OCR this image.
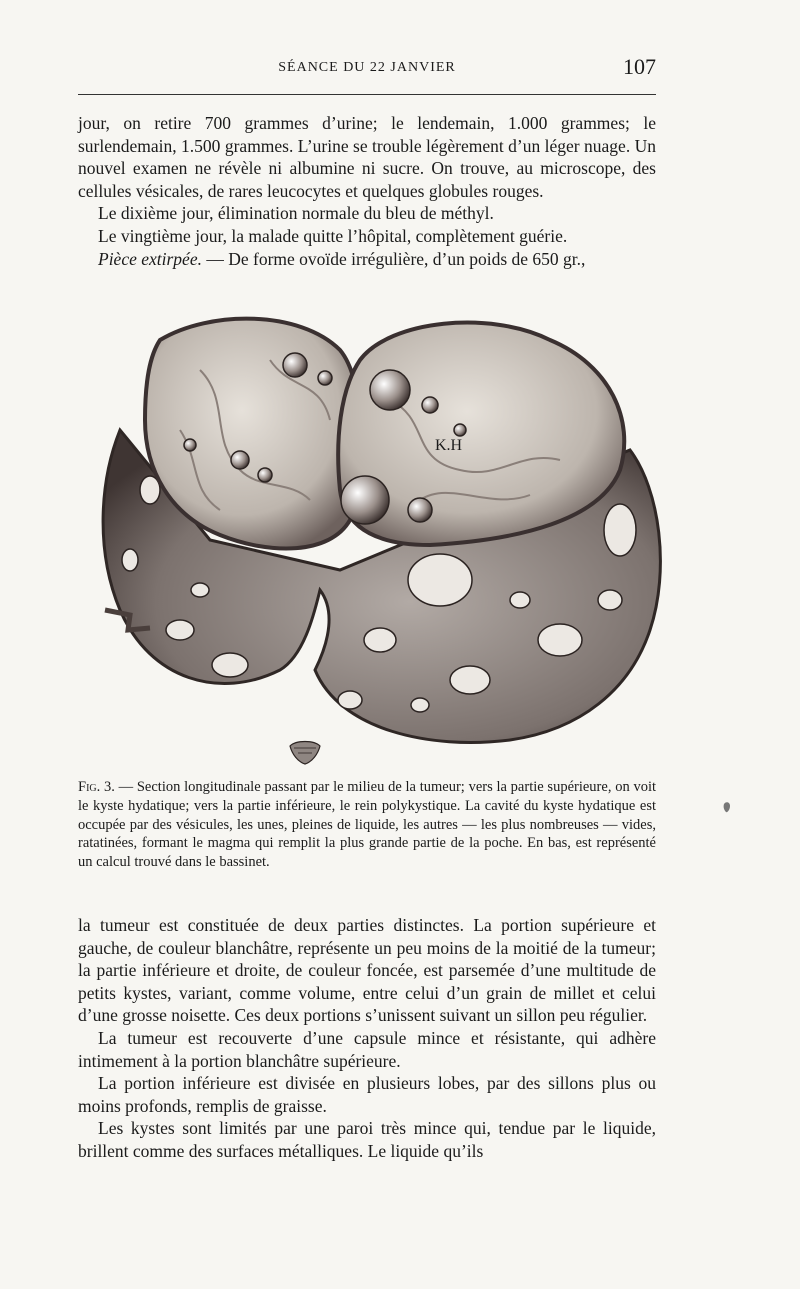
SÉANCE DU 22 JANVIER	107

jour, on retire 700 grammes d’urine; le lendemain, 1.000 grammes; le surlendemain, 1.500 grammes. L’urine se trouble légèrement d’un léger nuage. Un nouvel examen ne révèle ni albumine ni sucre. On trouve, au microscope, des cellules vésicales, de rares leucocytes et quelques globules rouges.

Le dixième jour, élimination normale du bleu de méthyl.

Le vingtième jour, la malade quitte l’hôpital, complètement guérie.

Pièce extirpée. — De forme ovoïde irrégulière, d’un poids de 650 gr.,

K.H
Fig. 3. — Section longitudinale passant par le milieu de la tumeur; vers la partie supérieure, on voit le kyste hydatique; vers la partie inférieure, le rein polykystique. La cavité du kyste hydatique est occupée par des vésicules, les unes, pleines de liquide, les autres — les plus nombreuses — vides, ratatinées, formant le magma qui remplit la plus grande partie de la poche. En bas, est représenté un calcul trouvé dans le bassinet.

la tumeur est constituée de deux parties distinctes. La portion supérieure et gauche, de couleur blanchâtre, représente un peu moins de la moitié de la tumeur; la partie inférieure et droite, de couleur foncée, est parsemée d’une multitude de petits kystes, variant, comme volume, entre celui d’un grain de millet et celui d’une grosse noisette. Ces deux portions s’unissent suivant un sillon peu régulier.

La tumeur est recouverte d’une capsule mince et résistante, qui adhère intimement à la portion blanchâtre supérieure.

La portion inférieure est divisée en plusieurs lobes, par des sillons plus ou moins profonds, remplis de graisse.

Les kystes sont limités par une paroi très mince qui, tendue par le liquide, brillent comme des surfaces métalliques. Le liquide qu’ils
